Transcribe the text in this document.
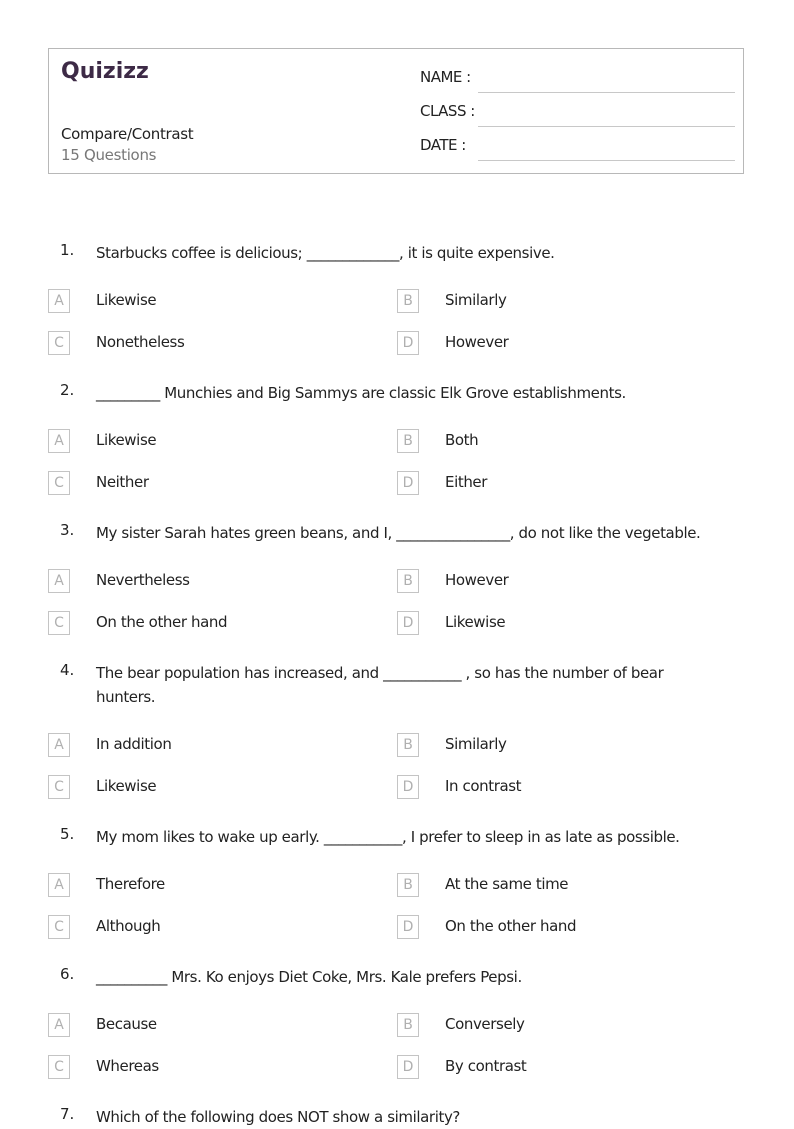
Quizizz
Compare/Contrast
15 Questions
NAME :
CLASS :
DATE :
1. Starbucks coffee is delicious; _____________, it is quite expensive.
A	Likewise	B	Similarly
C	Nonetheless	D	However
2. _________ Munchies and Big Sammys are classic Elk Grove establishments.
A	Likewise	B	Both
C	Neither	D	Either
3. My sister Sarah hates green beans, and I, ________________, do not like the vegetable.
A	Nevertheless	B	However
C	On the other hand	D	Likewise
4. The bear population has increased, and ___________ , so has the number of bear hunters.
A	In addition	B	Similarly
C	Likewise	D	In contrast
5. My mom likes to wake up early. ___________, I prefer to sleep in as late as possible.
A	Therefore	B	At the same time
C	Although	D	On the other hand
6. __________ Mrs. Ko enjoys Diet Coke, Mrs. Kale prefers Pepsi.
A	Because	B	Conversely
C	Whereas	D	By contrast
7. Which of the following does NOT show a similarity?
